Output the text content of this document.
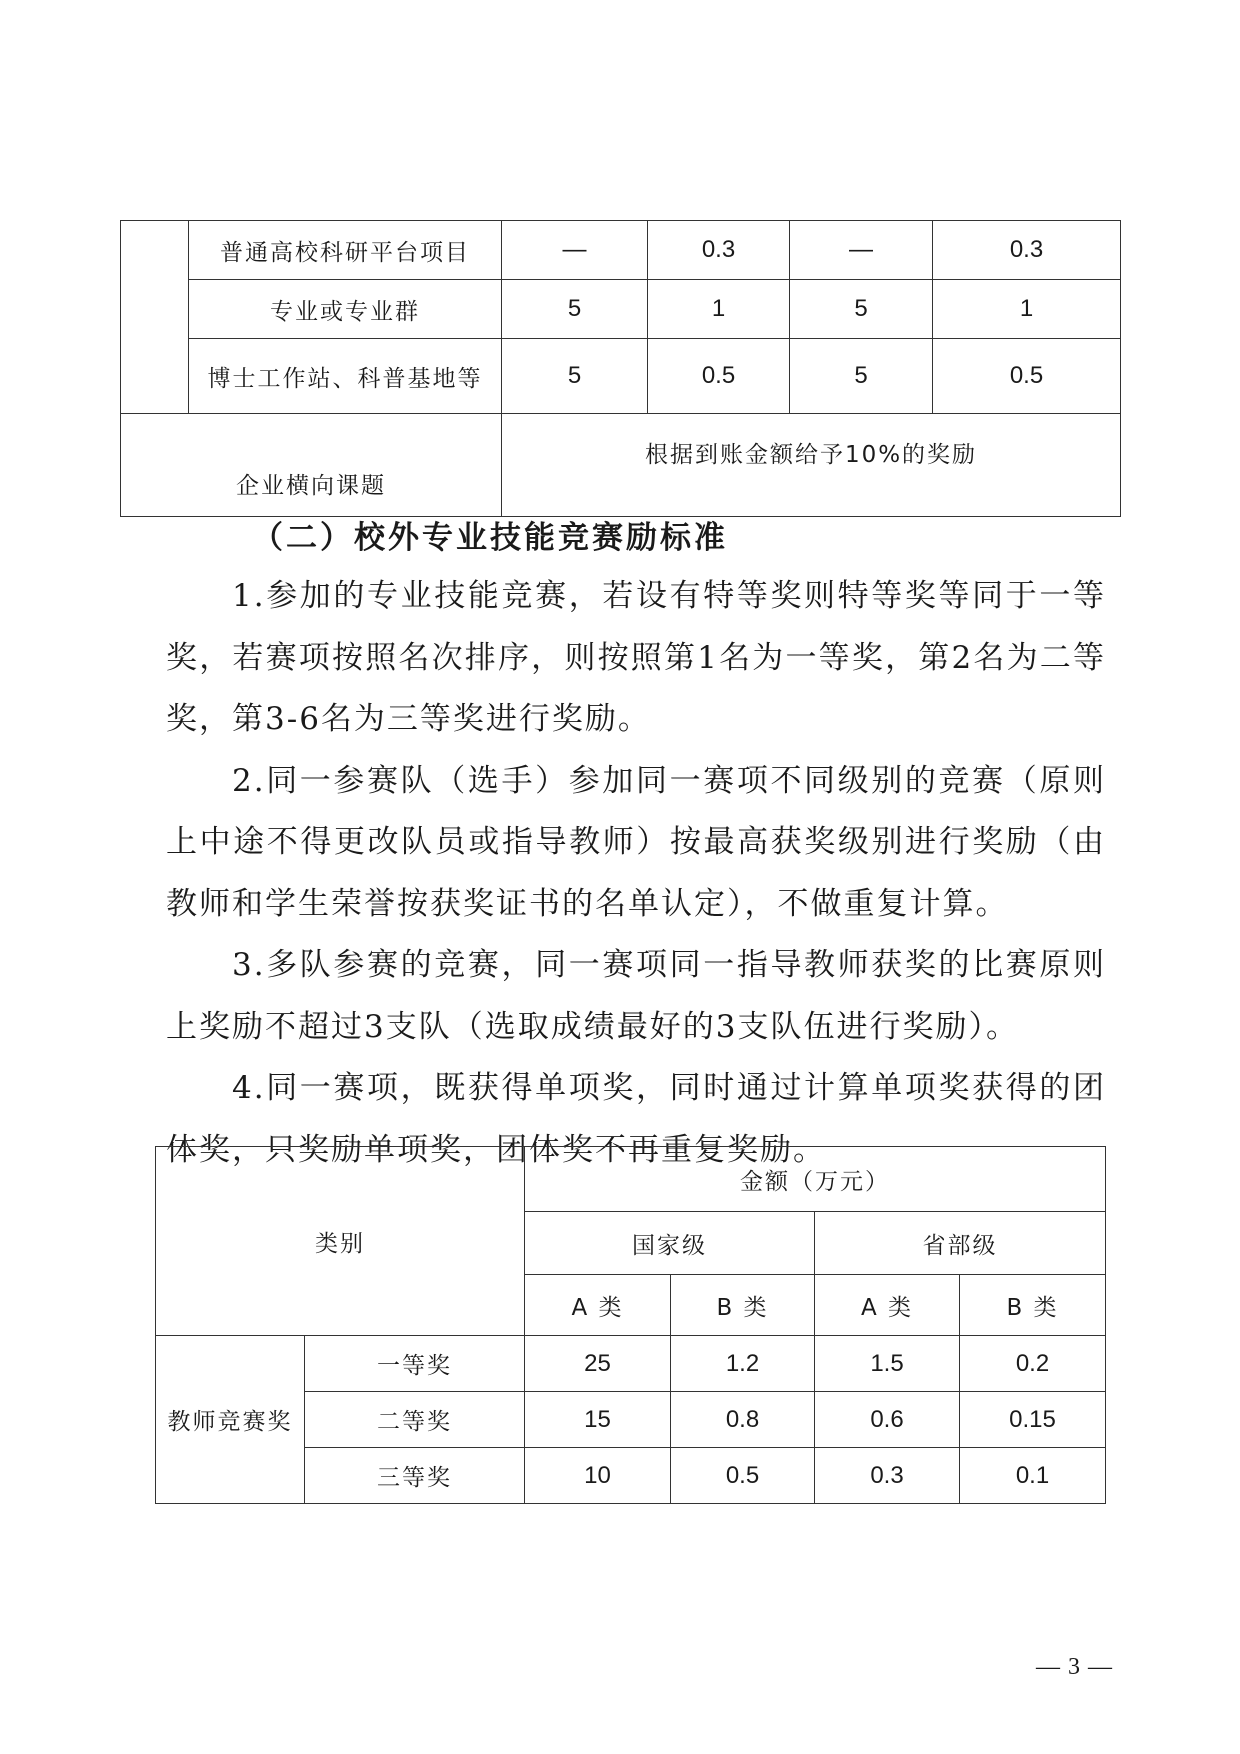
	普通高校科研平台项目	—	0.3	—	0.3
	专业或专业群	5	1	5	1
	博士工作站、科普基地等	5	0.5	5	0.5
企业横向课题		根据到账金额给予10%的奖励			
（二）校外专业技能竞赛励标准

1.参加的专业技能竞赛，若设有特等奖则特等奖等同于一等奖，若赛项按照名次排序，则按照第1名为一等奖，第2名为二等奖，第3-6名为三等奖进行奖励。

2.同一参赛队（选手）参加同一赛项不同级别的竞赛（原则上中途不得更改队员或指导教师）按最高获奖级别进行奖励（由教师和学生荣誉按获奖证书的名单认定），不做重复计算。

3.多队参赛的竞赛，同一赛项同一指导教师获奖的比赛原则上奖励不超过3支队（选取成绩最好的3支队伍进行奖励）。

4.同一赛项，既获得单项奖，同时通过计算单项奖获得的团体奖，只奖励单项奖，团体奖不再重复奖励。

类别		金额（万元）			
		国家级		省部级	
		A 类	B 类	A 类	B 类
教师竞赛奖	一等奖	25	1.2	1.5	0.2
	二等奖	15	0.8	0.6	0.15
	三等奖	10	0.5	0.3	0.1
— 3 —
